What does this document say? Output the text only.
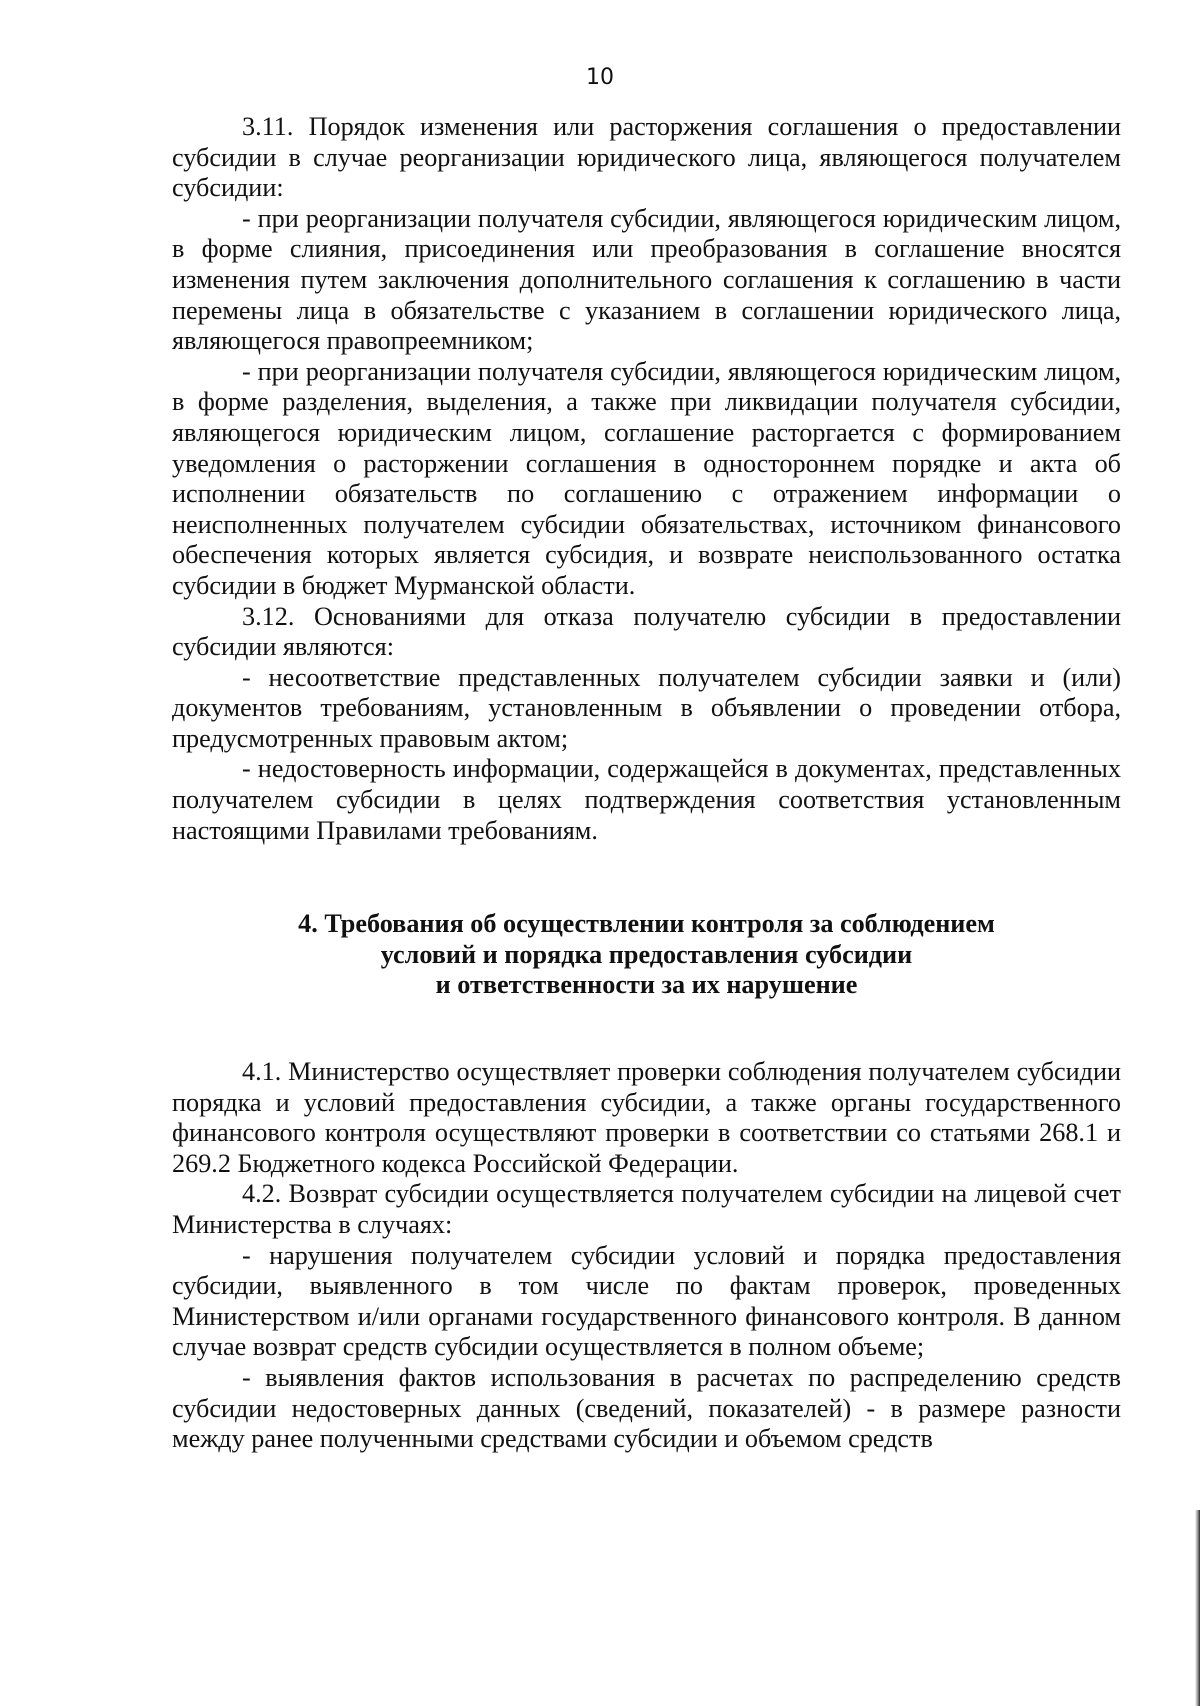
10

3.11. Порядок изменения или расторжения соглашения о предоставлении субсидии в случае реорганизации юридического лица, являющегося получателем субсидии:

- при реорганизации получателя субсидии, являющегося юридическим лицом, в форме слияния, присоединения или преобразования в соглашение вносятся изменения путем заключения дополнительного соглашения к соглашению в части перемены лица в обязательстве с указанием в соглашении юридического лица, являющегося правопреемником;

- при реорганизации получателя субсидии, являющегося юридическим лицом, в форме разделения, выделения, а также при ликвидации получателя субсидии, являющегося юридическим лицом, соглашение расторгается с формированием уведомления о расторжении соглашения в одностороннем порядке и акта об исполнении обязательств по соглашению с отражением информации о неисполненных получателем субсидии обязательствах, источником финансового обеспечения которых является субсидия, и возврате неиспользованного остатка субсидии в бюджет Мурманской области.

3.12. Основаниями для отказа получателю субсидии в предоставлении субсидии являются:

- несоответствие представленных получателем субсидии заявки и (или) документов требованиям, установленным в объявлении о проведении отбора, предусмотренных правовым актом;

- недостоверность информации, содержащейся в документах, представленных получателем субсидии в целях подтверждения соответствия установленным настоящими Правилами требованиям.

4. Требования об осуществлении контроля за соблюдением
условий и порядка предоставления субсидии
и ответственности за их нарушение

4.1. Министерство осуществляет проверки соблюдения получателем субсидии порядка и условий предоставления субсидии, а также органы государственного финансового контроля осуществляют проверки в соответствии со статьями 268.1 и 269.2 Бюджетного кодекса Российской Федерации.

4.2. Возврат субсидии осуществляется получателем субсидии на лицевой счет Министерства в случаях:

- нарушения получателем субсидии условий и порядка предоставления субсидии, выявленного в том числе по фактам проверок, проведенных Министерством и/или органами государственного финансового контроля. В данном случае возврат средств субсидии осуществляется в полном объеме;

- выявления фактов использования в расчетах по распределению средств субсидии недостоверных данных (сведений, показателей) - в размере разности между ранее полученными средствами субсидии и объемом средств
